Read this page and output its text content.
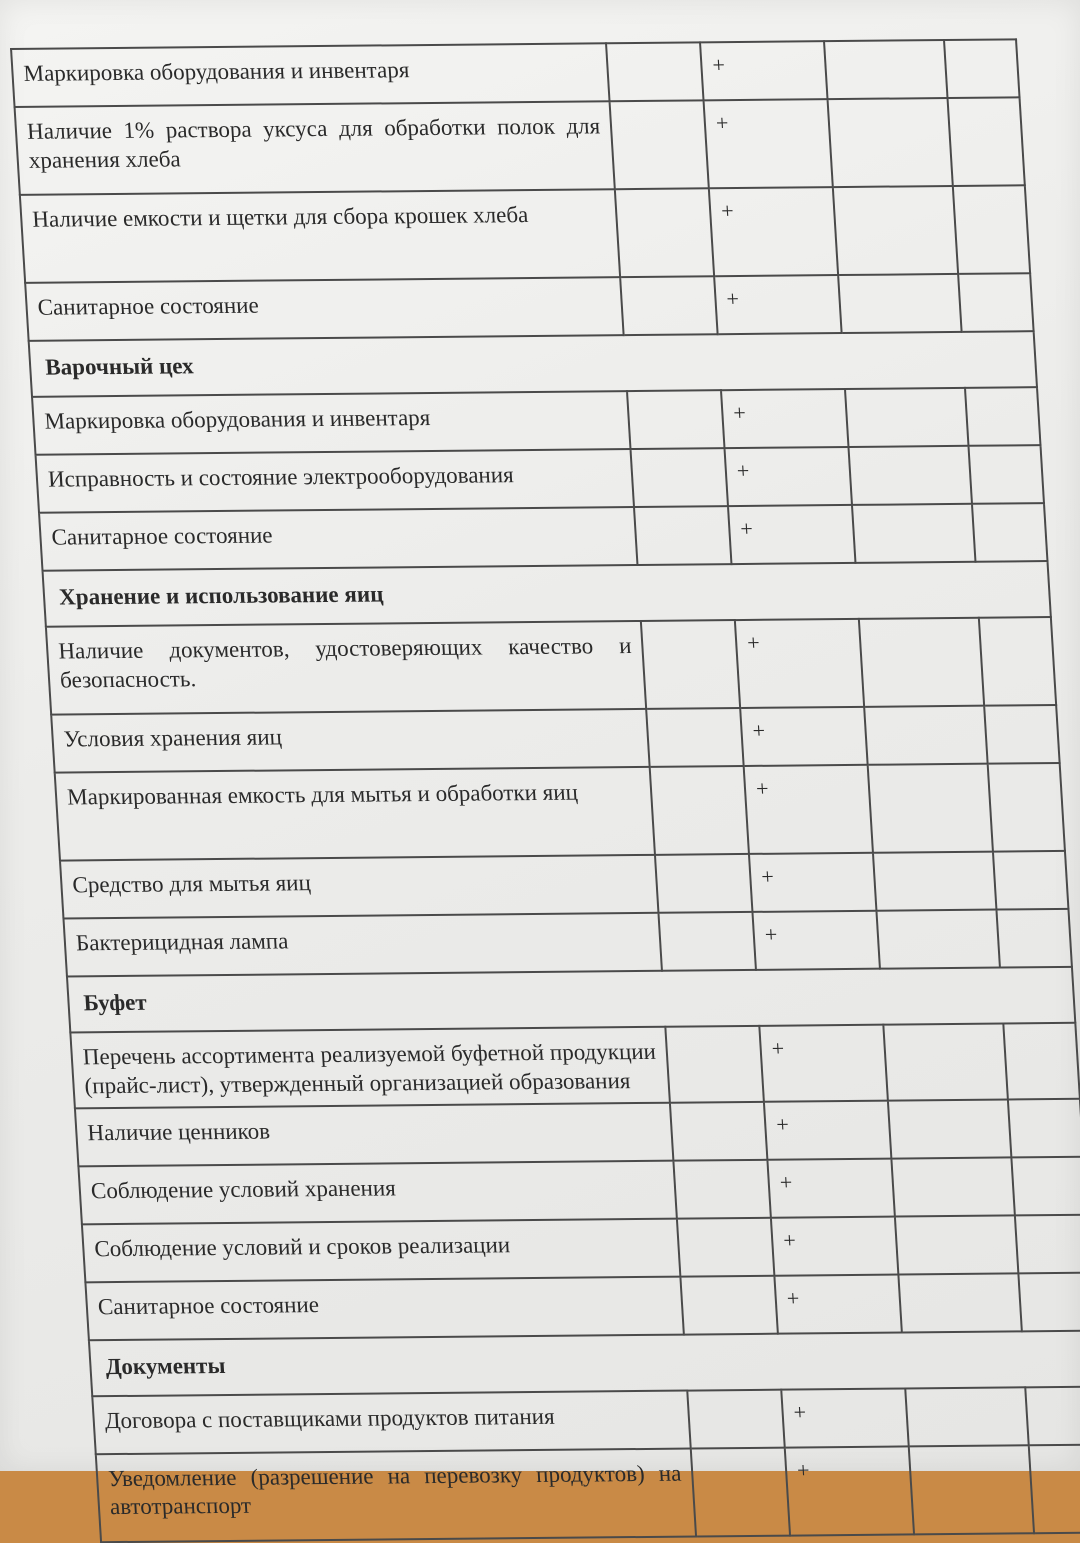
Маркировка оборудования и инвентаря		+		
Наличие 1% раствора уксуса для обработки полок для хранения хлеба		+		
Наличие емкости и щетки для сбора крошек хлеба		+		
Санитарное состояние		+		
Варочный цех				
Маркировка оборудования и инвентаря		+		
Исправность и состояние электрооборудования		+		
Санитарное состояние		+		
Хранение и использование яиц				
Наличие документов, удостоверяющих качество и безопасность.		+		
Условия хранения яиц		+		
Маркированная емкость для мытья и обработки яиц		+		
Средство для мытья яиц		+		
Бактерицидная лампа		+		
Буфет				
Перечень ассортимента реализуемой буфетной продукции (прайс-лист), утвержденный организацией образования		+		
Наличие ценников		+		
Соблюдение условий хранения		+		
Соблюдение условий и сроков реализации		+		
Санитарное состояние		+		
Документы				
Договора с поставщиками продуктов питания		+		
Уведомление (разрешение на перевозку продуктов) на автотранспорт		+		
